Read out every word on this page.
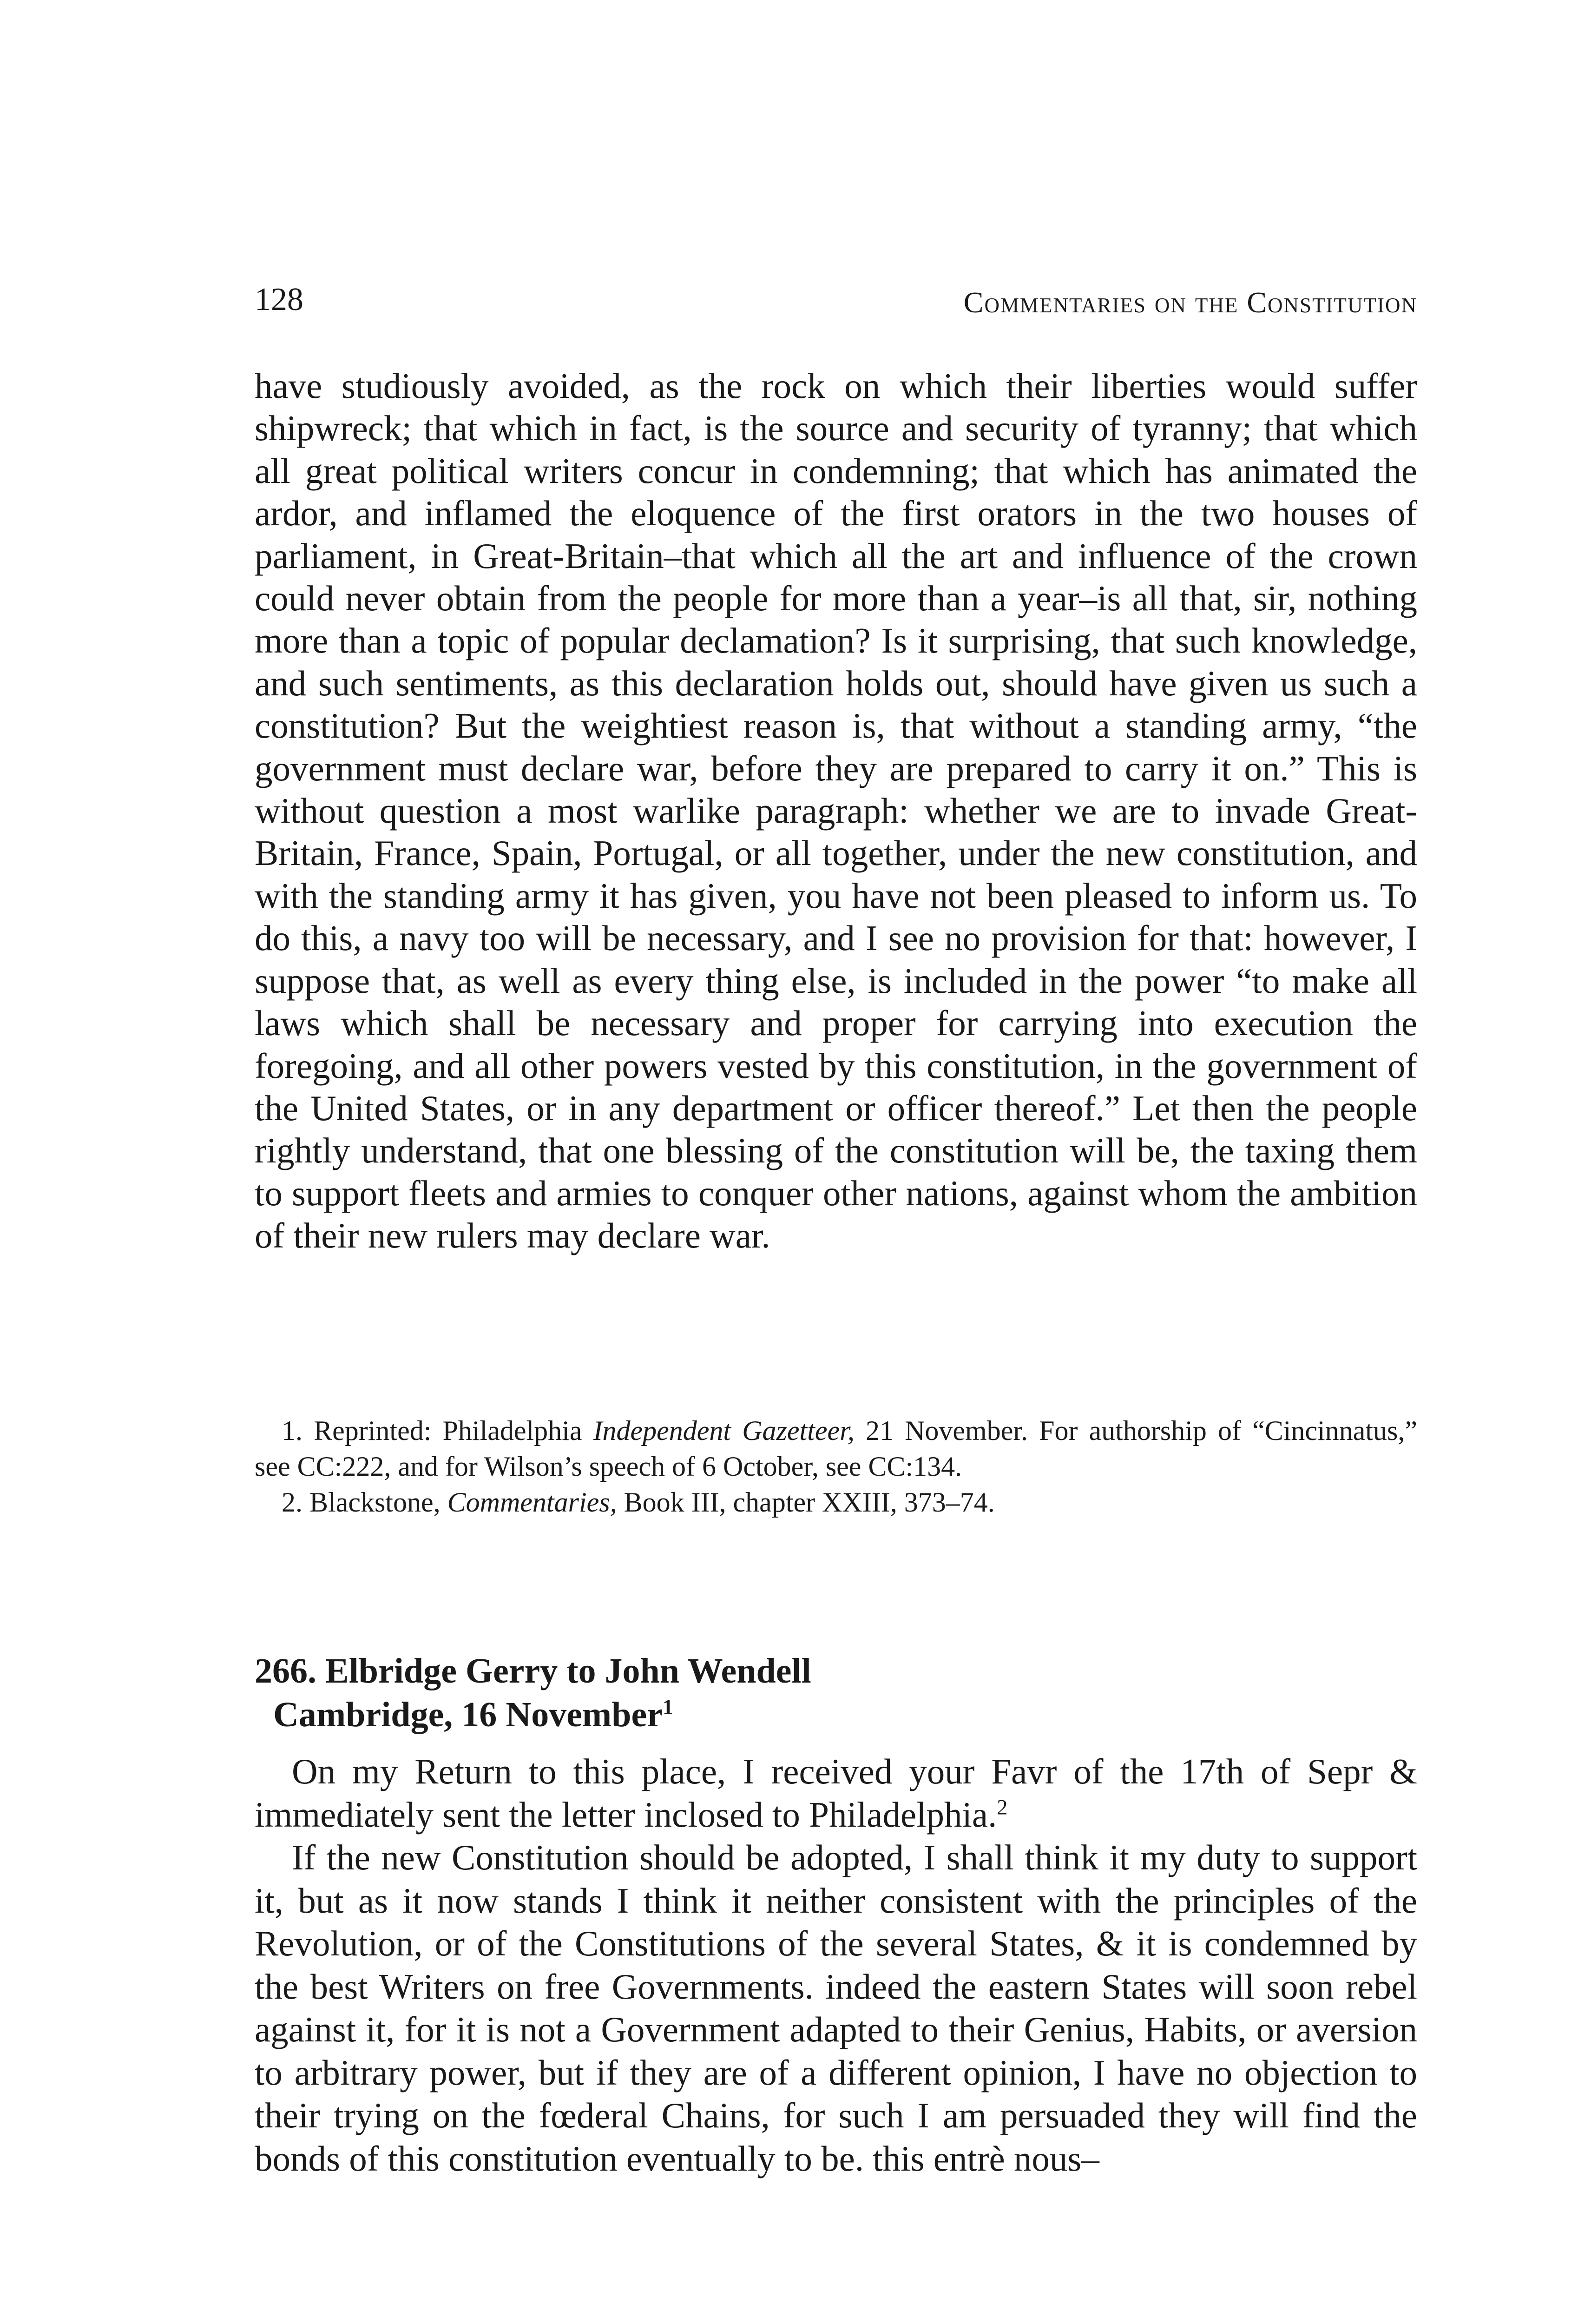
128	Commentaries on the Constitution

have studiously avoided, as the rock on which their liberties would suffer shipwreck; that which in fact, is the source and security of tyranny; that which all great political writers concur in condemning; that which has animated the ardor, and inflamed the eloquence of the first orators in the two houses of parliament, in Great-Britain–that which all the art and influence of the crown could never obtain from the people for more than a year–is all that, sir, nothing more than a topic of popular declamation? Is it surprising, that such knowledge, and such sentiments, as this declaration holds out, should have given us such a constitution? But the weightiest reason is, that without a standing army, “the government must declare war, before they are prepared to carry it on.” This is without question a most warlike paragraph: whether we are to invade Great-Britain, France, Spain, Portugal, or all together, under the new constitution, and with the standing army it has given, you have not been pleased to inform us. To do this, a navy too will be necessary, and I see no provision for that: however, I suppose that, as well as every thing else, is included in the power “to make all laws which shall be necessary and proper for carrying into execution the foregoing, and all other powers vested by this constitution, in the government of the United States, or in any department or officer thereof.” Let then the people rightly understand, that one blessing of the constitution will be, the taxing them to support fleets and armies to conquer other nations, against whom the ambition of their new rulers may declare war.

1. Reprinted: Philadelphia Independent Gazetteer, 21 November. For authorship of “Cincinnatus,” see CC:222, and for Wilson’s speech of 6 October, see CC:134.

2. Blackstone, Commentaries, Book III, chapter XXIII, 373–74.

266. Elbridge Gerry to John Wendell
Cambridge, 16 November$^1$

On my Return to this place, I received your Favr of the 17th of Sepr & immediately sent the letter inclosed to Philadelphia.$^2$

If the new Constitution should be adopted, I shall think it my duty to support it, but as it now stands I think it neither consistent with the principles of the Revolution, or of the Constitutions of the several States, & it is condemned by the best Writers on free Governments. indeed the eastern States will soon rebel against it, for it is not a Government adapted to their Genius, Habits, or aversion to arbitrary power, but if they are of a different opinion, I have no objection to their trying on the fœderal Chains, for such I am persuaded they will find the bonds of this constitution eventually to be. this entrè nous–
